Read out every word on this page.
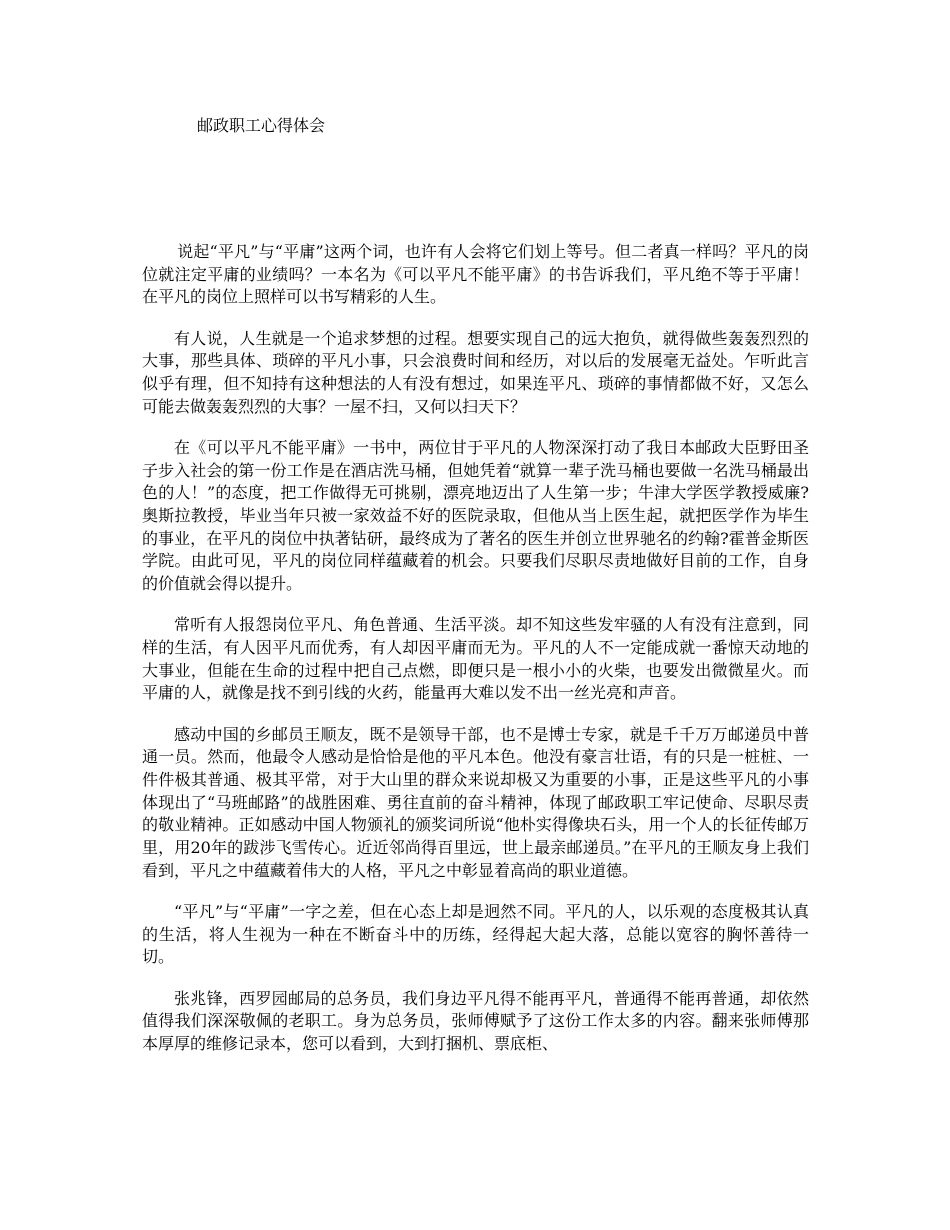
邮政职工心得体会

说起“平凡”与“平庸”这两个词，也许有人会将它们划上等号。但二者真一样吗？平凡的岗位就注定平庸的业绩吗？一本名为《可以平凡不能平庸》的书告诉我们，平凡绝不等于平庸！在平凡的岗位上照样可以书写精彩的人生。

有人说，人生就是一个追求梦想的过程。想要实现自己的远大抱负，就得做些轰轰烈烈的大事，那些具体、琐碎的平凡小事，只会浪费时间和经历，对以后的发展毫无益处。乍听此言似乎有理，但不知持有这种想法的人有没有想过，如果连平凡、琐碎的事情都做不好，又怎么可能去做轰轰烈烈的大事？一屋不扫，又何以扫天下？

在《可以平凡不能平庸》一书中，两位甘于平凡的人物深深打动了我日本邮政大臣野田圣子步入社会的第一份工作是在酒店洗马桶，但她凭着“就算一辈子洗马桶也要做一名洗马桶最出色的人！”的态度，把工作做得无可挑剔，漂亮地迈出了人生第一步；牛津大学医学教授威廉?奥斯拉教授，毕业当年只被一家效益不好的医院录取，但他从当上医生起，就把医学作为毕生的事业，在平凡的岗位中执著钻研，最终成为了著名的医生并创立世界驰名的约翰?霍普金斯医学院。由此可见，平凡的岗位同样蕴藏着的机会。只要我们尽职尽责地做好目前的工作，自身的价值就会得以提升。

常听有人报怨岗位平凡、角色普通、生活平淡。却不知这些发牢骚的人有没有注意到，同样的生活，有人因平凡而优秀，有人却因平庸而无为。平凡的人不一定能成就一番惊天动地的大事业，但能在生命的过程中把自己点燃，即便只是一根小小的火柴，也要发出微微星火。而平庸的人，就像是找不到引线的火药，能量再大难以发不出一丝光亮和声音。

感动中国的乡邮员王顺友，既不是领导干部，也不是博士专家，就是千千万万邮递员中普通一员。然而，他最令人感动是恰恰是他的平凡本色。他没有豪言壮语，有的只是一桩桩、一件件极其普通、极其平常，对于大山里的群众来说却极又为重要的小事，正是这些平凡的小事体现出了“马班邮路”的战胜困难、勇往直前的奋斗精神，体现了邮政职工牢记使命、尽职尽责的敬业精神。正如感动中国人物颁礼的颁奖词所说“他朴实得像块石头，用一个人的长征传邮万里，用20年的跋涉飞雪传心。近近邻尚得百里远，世上最亲邮递员。”在平凡的王顺友身上我们看到，平凡之中蕴藏着伟大的人格，平凡之中彰显着高尚的职业道德。

“平凡”与“平庸”一字之差，但在心态上却是迥然不同。平凡的人，以乐观的态度极其认真的生活，将人生视为一种在不断奋斗中的历练，经得起大起大落，总能以宽容的胸怀善待一切。

张兆锋，西罗园邮局的总务员，我们身边平凡得不能再平凡，普通得不能再普通，却依然值得我们深深敬佩的老职工。身为总务员，张师傅赋予了这份工作太多的内容。翻来张师傅那本厚厚的维修记录本，您可以看到，大到打捆机、票底柜、
